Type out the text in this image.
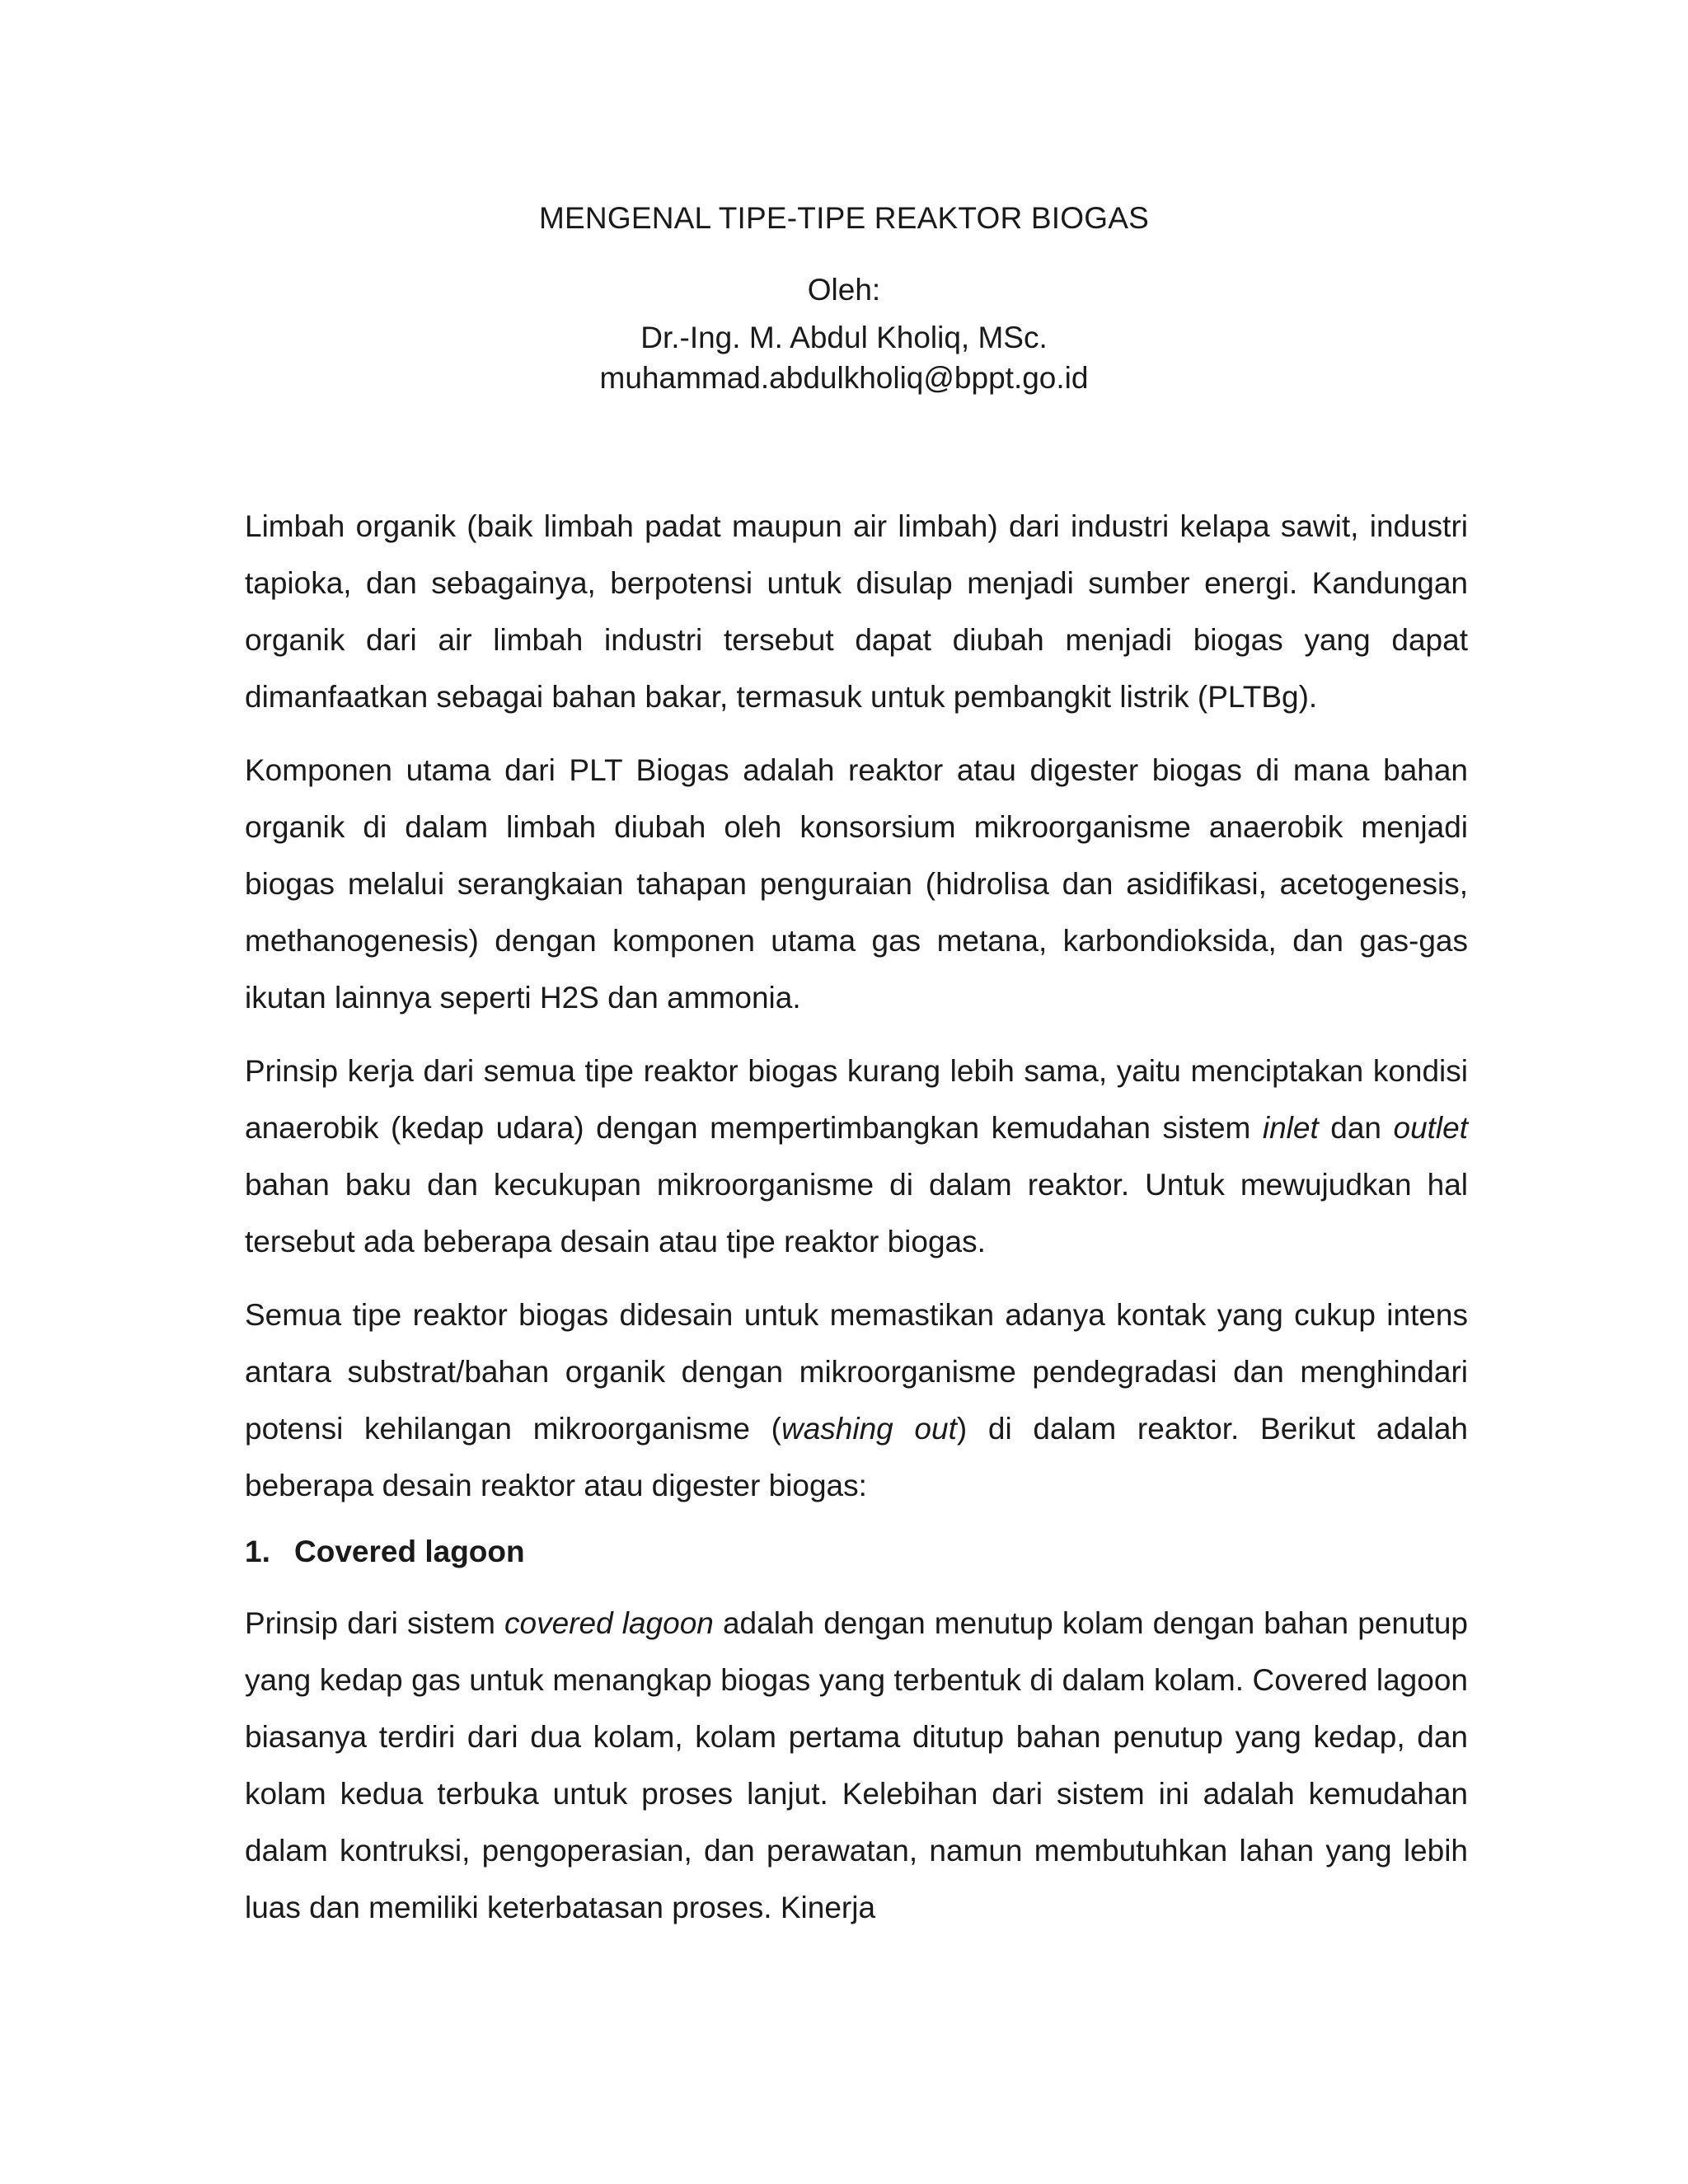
MENGENAL TIPE-TIPE REAKTOR BIOGAS
Oleh:
Dr.-Ing. M. Abdul Kholiq, MSc.
muhammad.abdulkholiq@bppt.go.id

Limbah organik (baik limbah padat maupun air limbah) dari industri kelapa sawit, industri tapioka, dan sebagainya, berpotensi untuk disulap menjadi sumber energi. Kandungan organik dari air limbah industri tersebut dapat diubah menjadi biogas yang dapat dimanfaatkan sebagai bahan bakar, termasuk untuk pembangkit listrik (PLTBg).

Komponen utama dari PLT Biogas adalah reaktor atau digester biogas di mana bahan organik di dalam limbah diubah oleh konsorsium mikroorganisme anaerobik menjadi biogas melalui serangkaian tahapan penguraian (hidrolisa dan asidifikasi, acetogenesis, methanogenesis) dengan komponen utama gas metana, karbondioksida, dan gas-gas ikutan lainnya seperti H2S dan ammonia.

Prinsip kerja dari semua tipe reaktor biogas kurang lebih sama, yaitu menciptakan kondisi anaerobik (kedap udara) dengan mempertimbangkan kemudahan sistem inlet dan outlet bahan baku dan kecukupan mikroorganisme di dalam reaktor. Untuk mewujudkan hal tersebut ada beberapa desain atau tipe reaktor biogas.

Semua tipe reaktor biogas didesain untuk memastikan adanya kontak yang cukup intens antara substrat/bahan organik dengan mikroorganisme pendegradasi dan menghindari potensi kehilangan mikroorganisme (washing out) di dalam reaktor. Berikut adalah beberapa desain reaktor atau digester biogas:

1. Covered lagoon

Prinsip dari sistem covered lagoon adalah dengan menutup kolam dengan bahan penutup yang kedap gas untuk menangkap biogas yang terbentuk di dalam kolam. Covered lagoon biasanya terdiri dari dua kolam, kolam pertama ditutup bahan penutup yang kedap, dan kolam kedua terbuka untuk proses lanjut. Kelebihan dari sistem ini adalah kemudahan dalam kontruksi, pengoperasian, dan perawatan, namun membutuhkan lahan yang lebih luas dan memiliki keterbatasan proses. Kinerja
